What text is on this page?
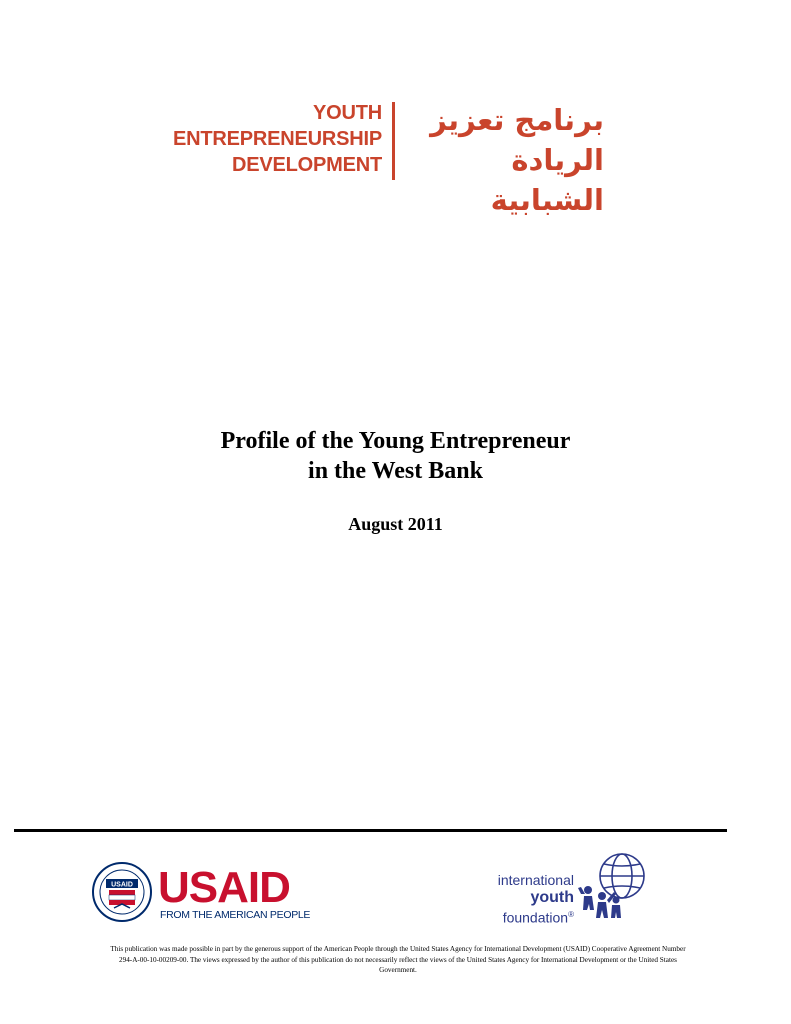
YOUTH
ENTREPRENEURSHIP
DEVELOPMENT
برنامج تعزيز
الريادة الشبابية
Profile of the Young Entrepreneur
in the West Bank
August 2011
USAID USAID
FROM THE AMERICAN PEOPLE
international
youth
foundation®
This publication was made possible in part by the generous support of the American People through the United States Agency for International Development (USAID) Cooperative Agreement Number 294-A-00-10-00209-00. The views expressed by the author of this publication do not necessarily reflect the views of the United States Agency for International Development or the United States Government.
